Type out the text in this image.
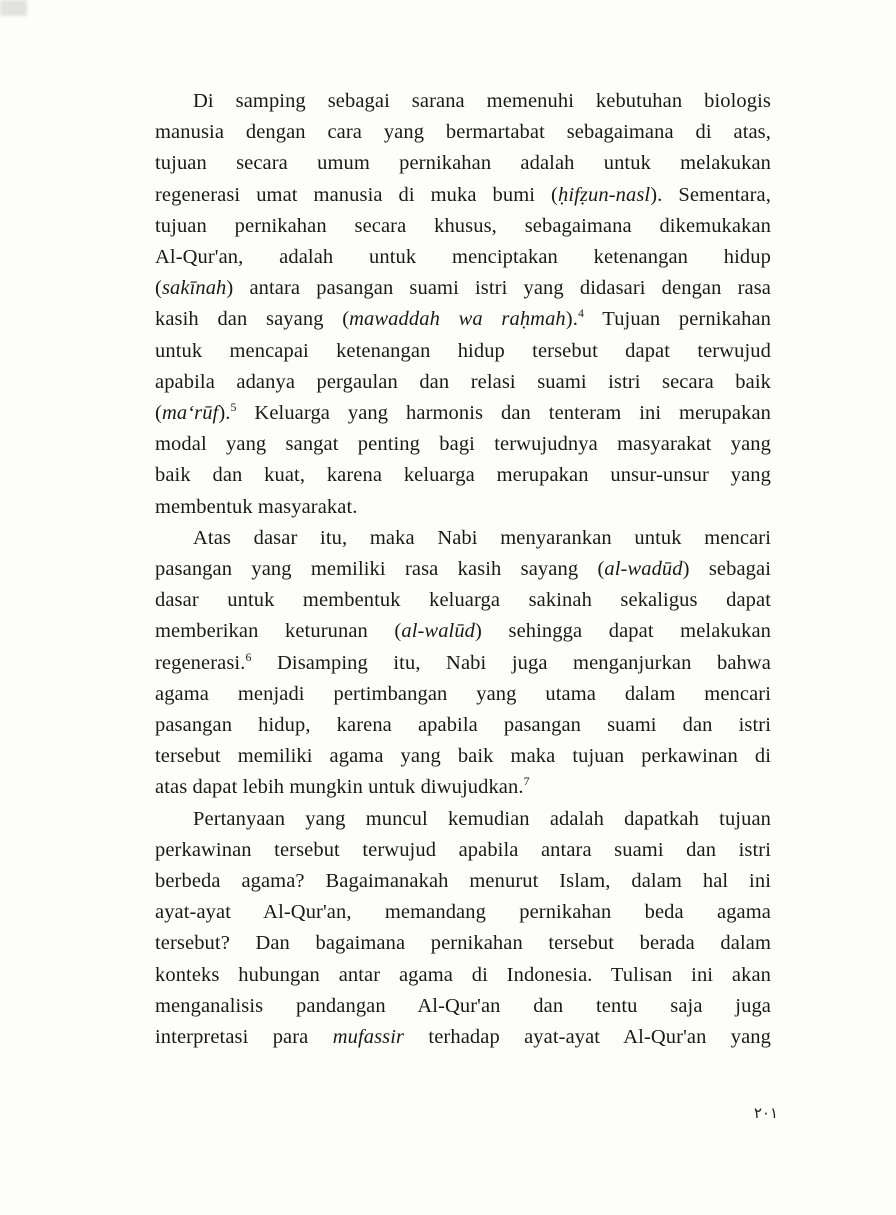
Di samping sebagai sarana memenuhi kebutuhan biologis
manusia dengan cara yang bermartabat sebagaimana di atas,
tujuan secara umum pernikahan adalah untuk melakukan
regenerasi umat manusia di muka bumi (ḥifẓun-nasl). Sementara,
tujuan pernikahan secara khusus, sebagaimana dikemukakan
Al-Qur'an, adalah untuk menciptakan ketenangan hidup
(sakīnah) antara pasangan suami istri yang didasari dengan rasa
kasih dan sayang (mawaddah wa raḥmah).$^4$ Tujuan pernikahan
untuk mencapai ketenangan hidup tersebut dapat terwujud
apabila adanya pergaulan dan relasi suami istri secara baik
(ma‘rūf).$^5$ Keluarga yang harmonis dan tenteram ini merupakan
modal yang sangat penting bagi terwujudnya masyarakat yang
baik dan kuat, karena keluarga merupakan unsur-unsur yang
membentuk masyarakat.
Atas dasar itu, maka Nabi menyarankan untuk mencari
pasangan yang memiliki rasa kasih sayang (al-wadūd) sebagai
dasar untuk membentuk keluarga sakinah sekaligus dapat
memberikan keturunan (al-walūd) sehingga dapat melakukan
regenerasi.$^6$ Disamping itu, Nabi juga menganjurkan bahwa
agama menjadi pertimbangan yang utama dalam mencari
pasangan hidup, karena apabila pasangan suami dan istri
tersebut memiliki agama yang baik maka tujuan perkawinan di
atas dapat lebih mungkin untuk diwujudkan.$^7$
Pertanyaan yang muncul kemudian adalah dapatkah tujuan
perkawinan tersebut terwujud apabila antara suami dan istri
berbeda agama? Bagaimanakah menurut Islam, dalam hal ini
ayat-ayat Al-Qur'an, memandang pernikahan beda agama
tersebut? Dan bagaimana pernikahan tersebut berada dalam
konteks hubungan antar agama di Indonesia. Tulisan ini akan
menganalisis pandangan Al-Qur'an dan tentu saja juga
interpretasi para mufassir terhadap ayat-ayat Al-Qur'an yang
٢٠١
